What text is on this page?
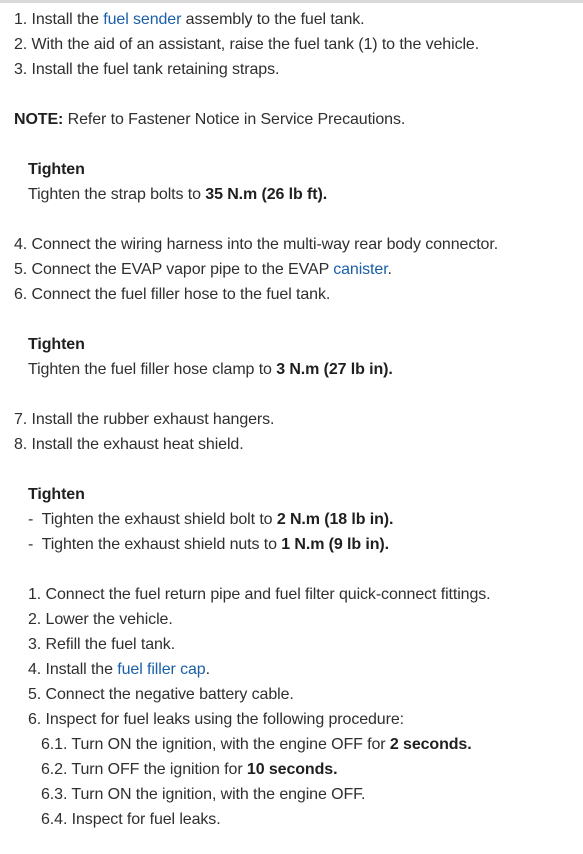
1. Install the fuel sender assembly to the fuel tank.
2. With the aid of an assistant, raise the fuel tank (1) to the vehicle.
3. Install the fuel tank retaining straps.
NOTE: Refer to Fastener Notice in Service Precautions.
Tighten
Tighten the strap bolts to 35 N.m (26 lb ft).
4. Connect the wiring harness into the multi-way rear body connector.
5. Connect the EVAP vapor pipe to the EVAP canister.
6. Connect the fuel filler hose to the fuel tank.
Tighten
Tighten the fuel filler hose clamp to 3 N.m (27 lb in).
7. Install the rubber exhaust hangers.
8. Install the exhaust heat shield.
Tighten
- Tighten the exhaust shield bolt to 2 N.m (18 lb in).
- Tighten the exhaust shield nuts to 1 N.m (9 lb in).
1. Connect the fuel return pipe and fuel filter quick-connect fittings.
2. Lower the vehicle.
3. Refill the fuel tank.
4. Install the fuel filler cap.
5. Connect the negative battery cable.
6. Inspect for fuel leaks using the following procedure:
6.1. Turn ON the ignition, with the engine OFF for 2 seconds.
6.2. Turn OFF the ignition for 10 seconds.
6.3. Turn ON the ignition, with the engine OFF.
6.4. Inspect for fuel leaks.
